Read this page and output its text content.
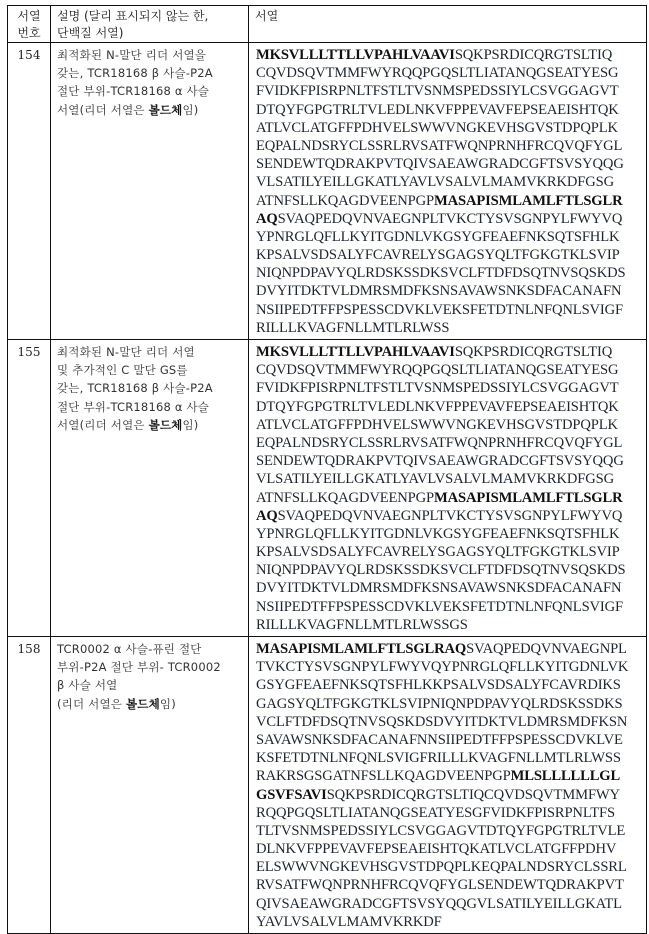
서열
번호	설명 (달리 표시되지 않는 한,
단백질 서열)	서열
154	최적화된 N-말단 리더 서열을
갖는, TCR18168 β 사슬-P2A
절단 부위-TCR18168 α 사슬
서열(리더 서열은 볼드체임)

MKSVLLLTTLLVPAHLVAAVISQKPSRDICQRGTSLTIQ
CQVDSQVTMMFWYRQQPGQSLTLIATANQGSEATYESG
FVIDKFPISRPNLTFSTLTVSNMSPEDSSIYLCSVGGAGVT
DTQYFGPGTRLTVLEDLNKVFPPEVAVFEPSEAEISHTQK
ATLVCLATGFFPDHVELSWWVNGKEVHSGVSTDPQPLK
EQPALNDSRYCLSSRLRVSATFWQNPRNHFRCQVQFYGL
SENDEWTQDRAKPVTQIVSAEAWGRADCGFTSVSYQQG
VLSATILYEILLGKATLYAVLVSALVLMAMVKRKDFGSG
ATNFSLLKQAGDVEENPGPMASAPISMLAMLFTLSGLR
AQSVAQPEDQVNVAEGNPLTVKCTYSVSGNPYLFWYVQ
YPNRGLQFLLKYITGDNLVKGSYGFEAEFNKSQTSFHLK
KPSALVSDSALYFCAVRELYSGAGSYQLTFGKGTKLSVIP
NIQNPDPAVYQLRDSKSSDKSVCLFTDFDSQTNVSQSKDS
DVYITDKTVLDMRSMDFKSNSAVAWSNKSDFACANAFN
NSIIPEDTFFPSPESSCDVKLVEKSFETDTNLNFQNLSVIGF
RILLLKVAGFNLLMTLRLWSS

155	최적화된 N-말단 리더 서열
및 추가적인 C 말단 GS를
갖는, TCR18168 β 사슬-P2A
절단 부위-TCR18168 α 사슬
서열(리더 서열은 볼드체임)

MKSVLLLTTLLVPAHLVAAVISQKPSRDICQRGTSLTIQ
CQVDSQVTMMFWYRQQPGQSLTLIATANQGSEATYESG
FVIDKFPISRPNLTFSTLTVSNMSPEDSSIYLCSVGGAGVT
DTQYFGPGTRLTVLEDLNKVFPPEVAVFEPSEAEISHTQK
ATLVCLATGFFPDHVELSWWVNGKEVHSGVSTDPQPLK
EQPALNDSRYCLSSRLRVSATFWQNPRNHFRCQVQFYGL
SENDEWTQDRAKPVTQIVSAEAWGRADCGFTSVSYQQG
VLSATILYEILLGKATLYAVLVSALVLMAMVKRKDFGSG
ATNFSLLKQAGDVEENPGPMASAPISMLAMLFTLSGLR
AQSVAQPEDQVNVAEGNPLTVKCTYSVSGNPYLFWYVQ
YPNRGLQFLLKYITGDNLVKGSYGFEAEFNKSQTSFHLK
KPSALVSDSALYFCAVRELYSGAGSYQLTFGKGTKLSVIP
NIQNPDPAVYQLRDSKSSDKSVCLFTDFDSQTNVSQSKDS
DVYITDKTVLDMRSMDFKSNSAVAWSNKSDFACANAFN
NSIIPEDTFFPSPESSCDVKLVEKSFETDTNLNFQNLSVIGF
RILLLKVAGFNLLMTLRLWSSGS

158	TCR0002 α 사슬-퓨린 절단
부위-P2A 절단 부위- TCR0002
β 사슬 서열
(리더 서열은 볼드체임)

MASAPISMLAMLFTLSGLRAQSVAQPEDQVNVAEGNPL
TVKCTYSVSGNPYLFWYVQYPNRGLQFLLKYITGDNLVK
GSYGFEAEFNKSQTSFHLKKPSALVSDSALYFCAVRDIKS
GAGSYQLTFGKGTKLSVIPNIQNPDPAVYQLRDSKSSDKS
VCLFTDFDSQTNVSQSKDSDVYITDKTVLDMRSMDFKSN
SAVAWSNKSDFACANAFNNSIIPEDTFFPSPESSCDVKLVE
KSFETDTNLNFQNLSVIGFRILLLKVAGFNLLMTLRLWSS
RAKRSGSGATNFSLLKQAGDVEENPGPMLSLLLLLLGL
GSVFSAVISQKPSRDICQRGTSLTIQCQVDSQVTMMFWY
RQQPGQSLTLIATANQGSEATYESGFVIDKFPISRPNLTFS
TLTVSNMSPEDSSIYLCSVGGAGVTDTQYFGPGTRLTVLE
DLNKVFPPEVAVFEPSEAEISHTQKATLVCLATGFFPDHV
ELSWWVNGKEVHSGVSTDPQPLKEQPALNDSRYCLSSRL
RVSATFWQNPRNHFRCQVQFYGLSENDEWTQDRAKPVT
QIVSAEAWGRADCGFTSVSYQQGVLSATILYEILLGKATL
YAVLVSALVLMAMVKRKDF
